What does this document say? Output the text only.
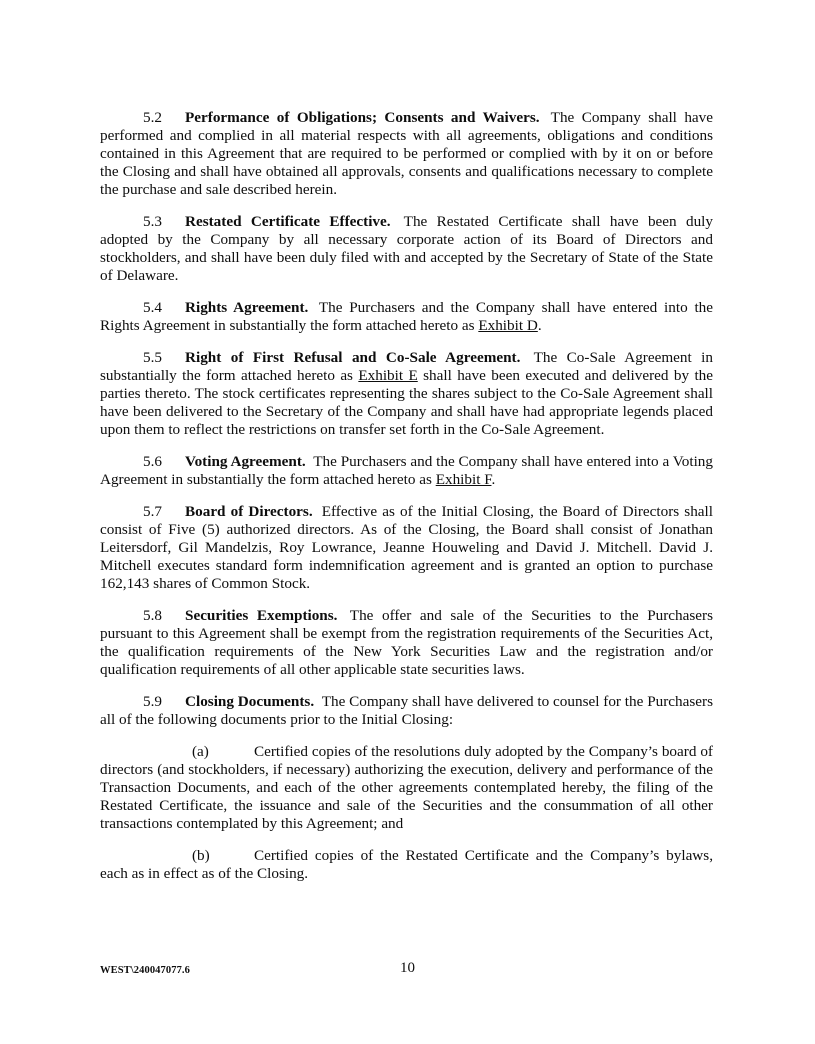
5.2 Performance of Obligations; Consents and Waivers. The Company shall have performed and complied in all material respects with all agreements, obligations and conditions contained in this Agreement that are required to be performed or complied with by it on or before the Closing and shall have obtained all approvals, consents and qualifications necessary to complete the purchase and sale described herein.

5.3 Restated Certificate Effective. The Restated Certificate shall have been duly adopted by the Company by all necessary corporate action of its Board of Directors and stockholders, and shall have been duly filed with and accepted by the Secretary of State of the State of Delaware.

5.4 Rights Agreement. The Purchasers and the Company shall have entered into the Rights Agreement in substantially the form attached hereto as Exhibit D.

5.5 Right of First Refusal and Co-Sale Agreement. The Co-Sale Agreement in substantially the form attached hereto as Exhibit E shall have been executed and delivered by the parties thereto. The stock certificates representing the shares subject to the Co-Sale Agreement shall have been delivered to the Secretary of the Company and shall have had appropriate legends placed upon them to reflect the restrictions on transfer set forth in the Co-Sale Agreement.

5.6 Voting Agreement. The Purchasers and the Company shall have entered into a Voting Agreement in substantially the form attached hereto as Exhibit F.

5.7 Board of Directors. Effective as of the Initial Closing, the Board of Directors shall consist of Five (5) authorized directors. As of the Closing, the Board shall consist of Jonathan Leitersdorf, Gil Mandelzis, Roy Lowrance, Jeanne Houweling and David J. Mitchell. David J. Mitchell executes standard form indemnification agreement and is granted an option to purchase 162,143 shares of Common Stock.

5.8 Securities Exemptions. The offer and sale of the Securities to the Purchasers pursuant to this Agreement shall be exempt from the registration requirements of the Securities Act, the qualification requirements of the New York Securities Law and the registration and/or qualification requirements of all other applicable state securities laws.

5.9 Closing Documents. The Company shall have delivered to counsel for the Purchasers all of the following documents prior to the Initial Closing:

(a)	Certified copies of the resolutions duly adopted by the Company’s board of directors (and stockholders, if necessary) authorizing the execution, delivery and performance of the Transaction Documents, and each of the other agreements contemplated hereby, the filing of the Restated Certificate, the issuance and sale of the Securities and the consummation of all other transactions contemplated by this Agreement; and

(b)	Certified copies of the Restated Certificate and the Company’s bylaws, each as in effect as of the Closing.

10
WEST\240047077.6
